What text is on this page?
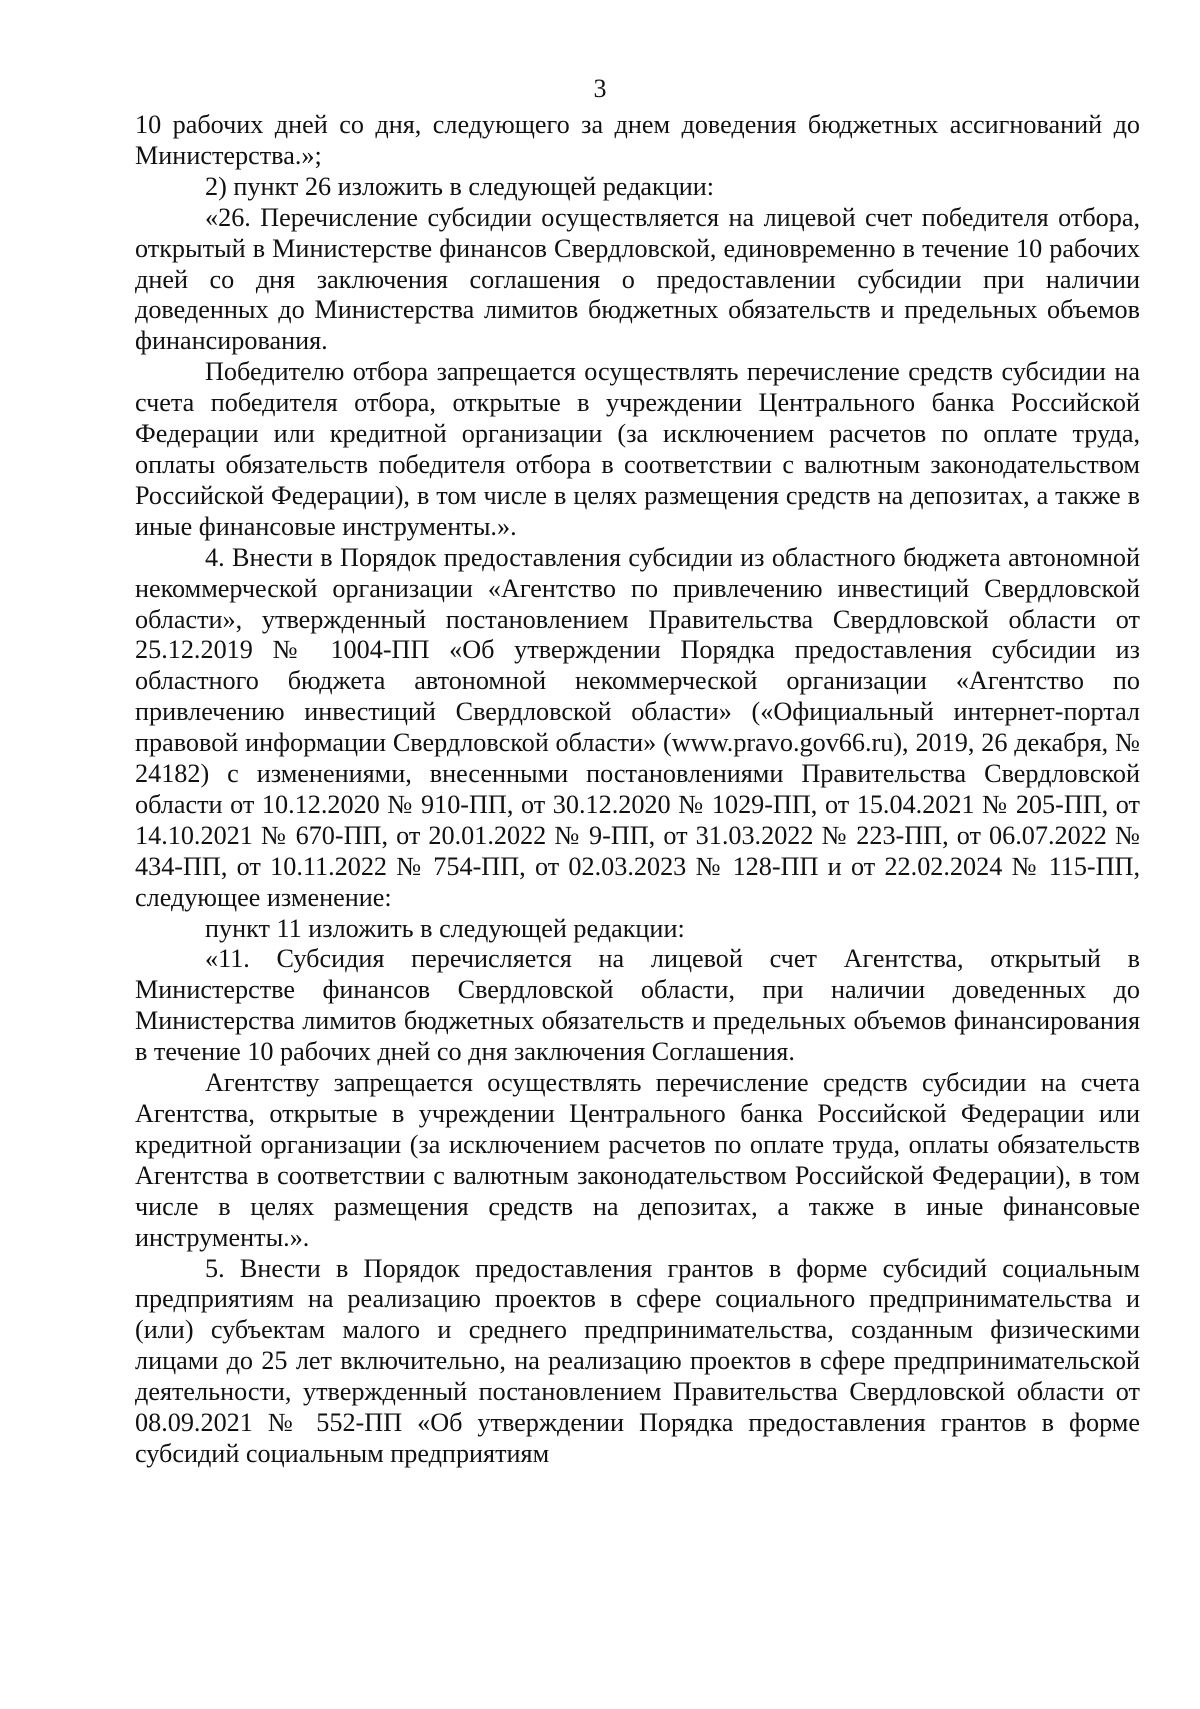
3

10 рабочих дней со дня, следующего за днем доведения бюджетных ассигнований до Министерства.»;

2) пункт 26 изложить в следующей редакции:

«26. Перечисление субсидии осуществляется на лицевой счет победителя отбора, открытый в Министерстве финансов Свердловской, единовременно в течение 10 рабочих дней со дня заключения соглашения о предоставлении субсидии при наличии доведенных до Министерства лимитов бюджетных обязательств и предельных объемов финансирования.

Победителю отбора запрещается осуществлять перечисление средств субсидии на счета победителя отбора, открытые в учреждении Центрального банка Российской Федерации или кредитной организации (за исключением расчетов по оплате труда, оплаты обязательств победителя отбора в соответствии с валютным законодательством Российской Федерации), в том числе в целях размещения средств на депозитах, а также в иные финансовые инструменты.».

4. Внести в Порядок предоставления субсидии из областного бюджета автономной некоммерческой организации «Агентство по привлечению инвестиций Свердловской области», утвержденный постановлением Правительства Свердловской области от 25.12.2019 № 1004-ПП «Об утверждении Порядка предоставления субсидии из областного бюджета автономной некоммерческой организации «Агентство по привлечению инвестиций Свердловской области» («Официальный интернет-портал правовой информации Свердловской области» (www.pravo.gov66.ru), 2019, 26 декабря, № 24182) с изменениями, внесенными постановлениями Правительства Свердловской области от 10.12.2020 № 910-ПП, от 30.12.2020 № 1029-ПП, от 15.04.2021 № 205-ПП, от 14.10.2021 № 670-ПП, от 20.01.2022 № 9-ПП, от 31.03.2022 № 223-ПП, от 06.07.2022 № 434-ПП, от 10.11.2022 № 754-ПП, от 02.03.2023 № 128-ПП и от 22.02.2024 № 115-ПП, следующее изменение:

пункт 11 изложить в следующей редакции:

«11. Субсидия перечисляется на лицевой счет Агентства, открытый в Министерстве финансов Свердловской области, при наличии доведенных до Министерства лимитов бюджетных обязательств и предельных объемов финансирования в течение 10 рабочих дней со дня заключения Соглашения.

Агентству запрещается осуществлять перечисление средств субсидии на счета Агентства, открытые в учреждении Центрального банка Российской Федерации или кредитной организации (за исключением расчетов по оплате труда, оплаты обязательств Агентства в соответствии с валютным законодательством Российской Федерации), в том числе в целях размещения средств на депозитах, а также в иные финансовые инструменты.».

5. Внести в Порядок предоставления грантов в форме субсидий социальным предприятиям на реализацию проектов в сфере социального предпринимательства и (или) субъектам малого и среднего предпринимательства, созданным физическими лицами до 25 лет включительно, на реализацию проектов в сфере предпринимательской деятельности, утвержденный постановлением Правительства Свердловской области от 08.09.2021 № 552-ПП «Об утверждении Порядка предоставления грантов в форме субсидий социальным предприятиям
